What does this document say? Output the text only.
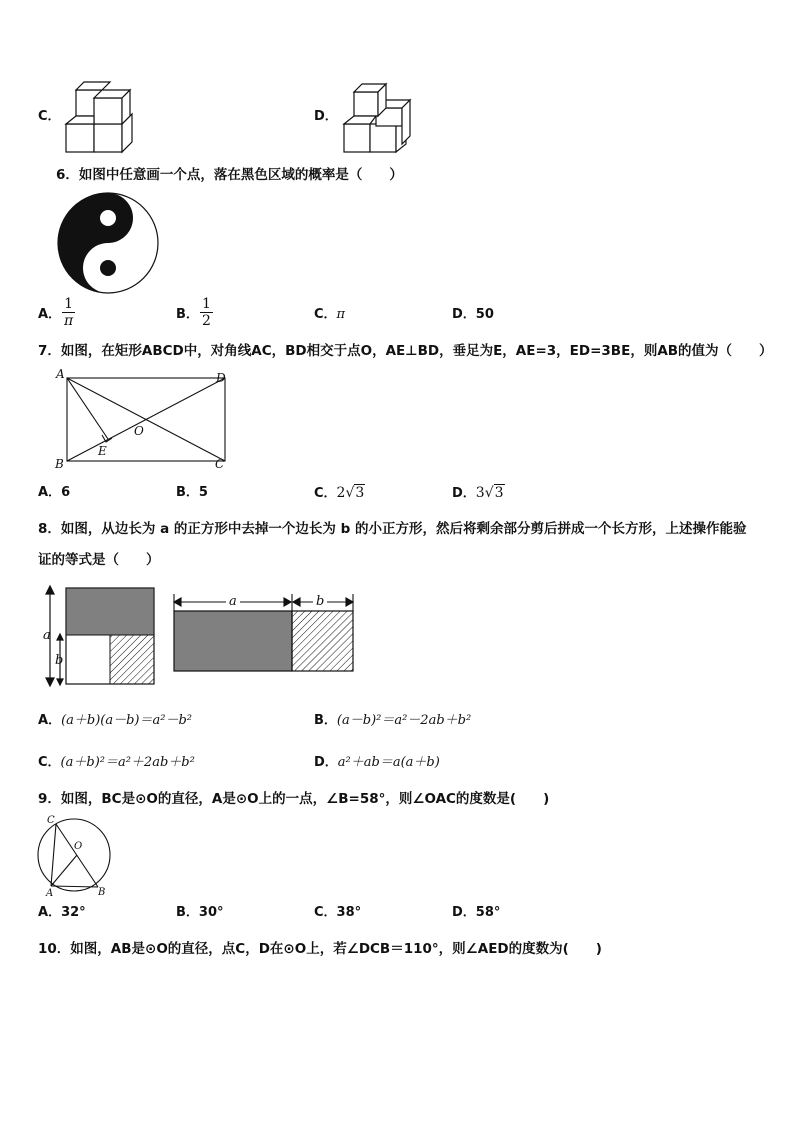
C．	D．
6．如图中任意画一个点，落在黑色区域的概率是（　　）
A． $\frac{1}{\pi}$	B． $\frac{1}{2}$	C．π	D．50
7．如图，在矩形ABCD中，对角线AC，BD相交于点O，AE⊥BD，垂足为E，AE=3，ED=3BE，则AB的值为（　　）
A	D
B	C
E
O
A．6	B．5	C．2√3	D．3√3
8．如图，从边长为 a 的正方形中去掉一个边长为 b 的小正方形，然后将剩余部分剪后拼成一个长方形，上述操作能验
证的等式是（　　）
a
b
a	b
A．(a＋b)(a－b)＝a²－b²	B．(a－b)²＝a²－2ab＋b²
C．(a＋b)²＝a²＋2ab＋b²	D．a²＋ab＝a(a＋b)
9．如图，BC是⊙O的直径，A是⊙O上的一点，∠B=58°，则∠OAC的度数是(　　)
C
O
A	B
A．32°	B．30°	C．38°	D．58°
10．如图，AB是⊙O的直径，点C，D在⊙O上，若∠DCB＝110°，则∠AED的度数为(　　)
